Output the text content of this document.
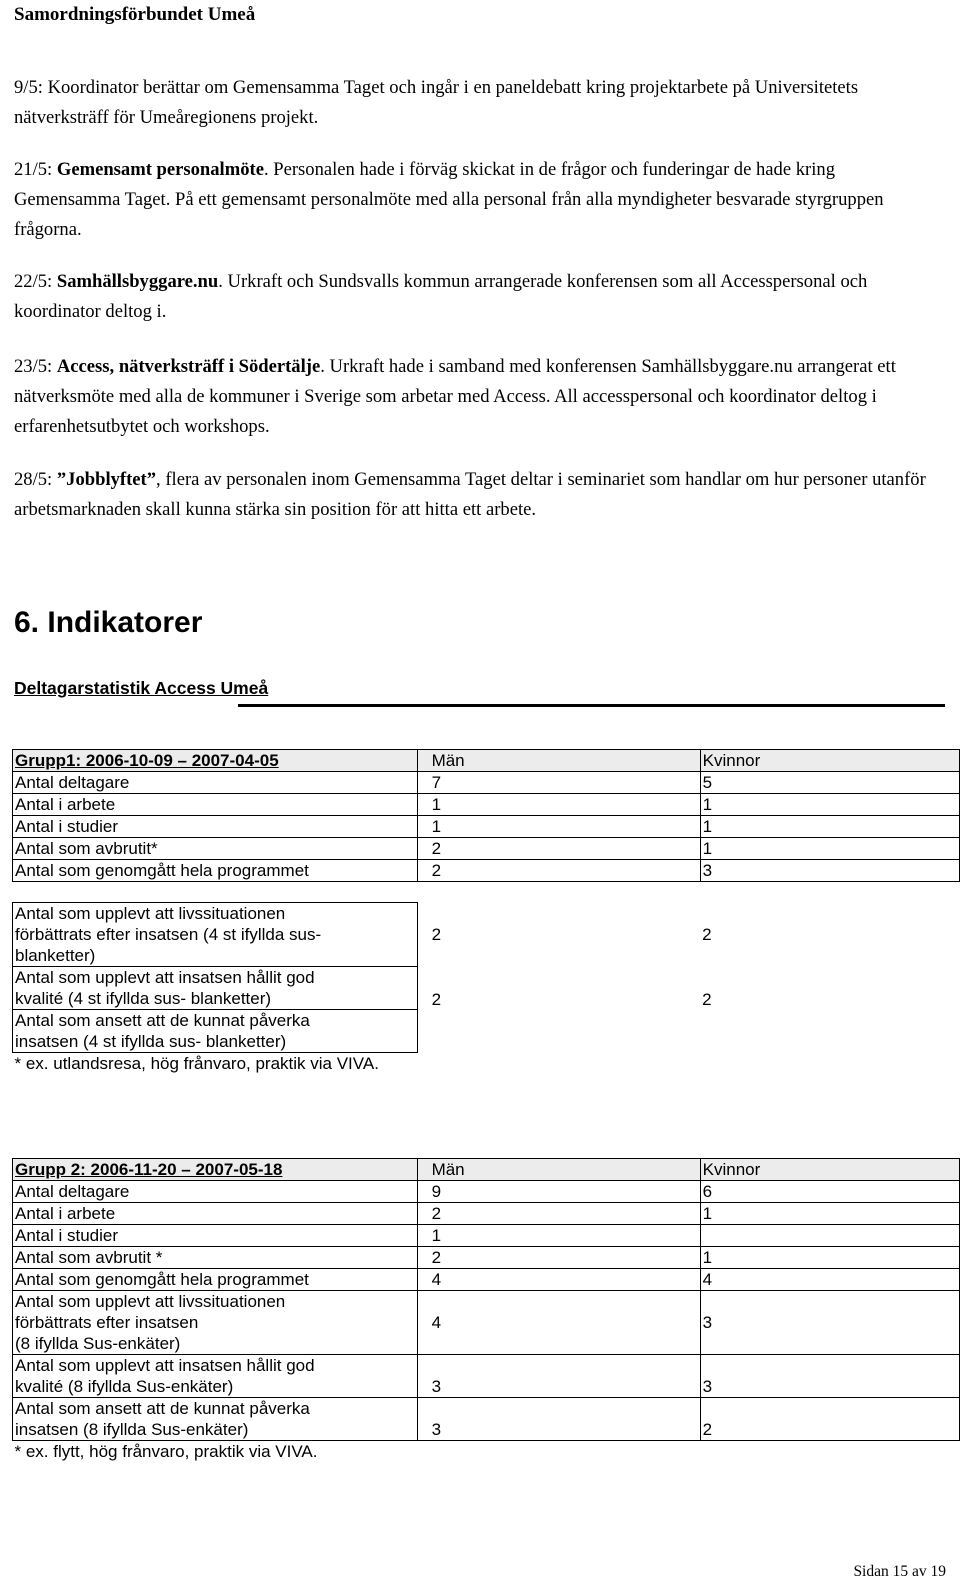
Samordningsförbundet Umeå
9/5: Koordinator berättar om Gemensamma Taget och ingår i en paneldebatt kring projektarbete på Universitetets nätverksträff för Umeåregionens projekt.
21/5: Gemensamt personalmöte. Personalen hade i förväg skickat in de frågor och funderingar de hade kring Gemensamma Taget. På ett gemensamt personalmöte med alla personal från alla myndigheter besvarade styrgruppen frågorna.
22/5: Samhällsbyggare.nu. Urkraft och Sundsvalls kommun arrangerade konferensen som all Accesspersonal och koordinator deltog i.
23/5: Access, nätverksträff i Södertälje. Urkraft hade i samband med konferensen Samhällsbyggare.nu arrangerat ett nätverksmöte med alla de kommuner i Sverige som arbetar med Access. All accesspersonal och koordinator deltog i erfarenhetsutbytet och workshops.
28/5: ”Jobblyftet”, flera av personalen inom Gemensamma Taget deltar i seminariet som handlar om hur personer utanför arbetsmarknaden skall kunna stärka sin position för att hitta ett arbete.
6. Indikatorer
Deltagarstatistik Access Umeå
Grupp1: 2006-10-09 – 2007-04-05	Män	Kvinnor
Antal deltagare	7	5
Antal i arbete	1	1
Antal i studier	1	1
Antal som avbrutit*	2	1
Antal som genomgått hela programmet	2	3

Antal som upplevt att livssituationen
förbättrats efter insatsen (4 st ifyllda sus-
blanketter)	2	2

Antal som upplevt att insatsen hållit god
kvalité (4 st ifyllda sus- blanketter)	2	2

Antal som ansett att de kunnat påverka
insatsen (4 st ifyllda sus- blanketter)		

* ex. utlandsresa, hög frånvaro, praktik via VIVA.		
Grupp 2: 2006-11-20 – 2007-05-18	Män	Kvinnor
Antal deltagare	9	6
Antal i arbete	2	1
Antal i studier	1	
Antal som avbrutit *	2	1
Antal som genomgått hela programmet	4	4

Antal som upplevt att livssituationen
förbättrats efter insatsen
(8 ifyllda Sus-enkäter)	4	3

Antal som upplevt att insatsen hållit god
kvalité (8 ifyllda Sus-enkäter)	3	3

Antal som ansett att de kunnat påverka
insatsen (8 ifyllda Sus-enkäter)	3	2
* ex. flytt, hög frånvaro, praktik via VIVA.		
Sidan 15 av 19
